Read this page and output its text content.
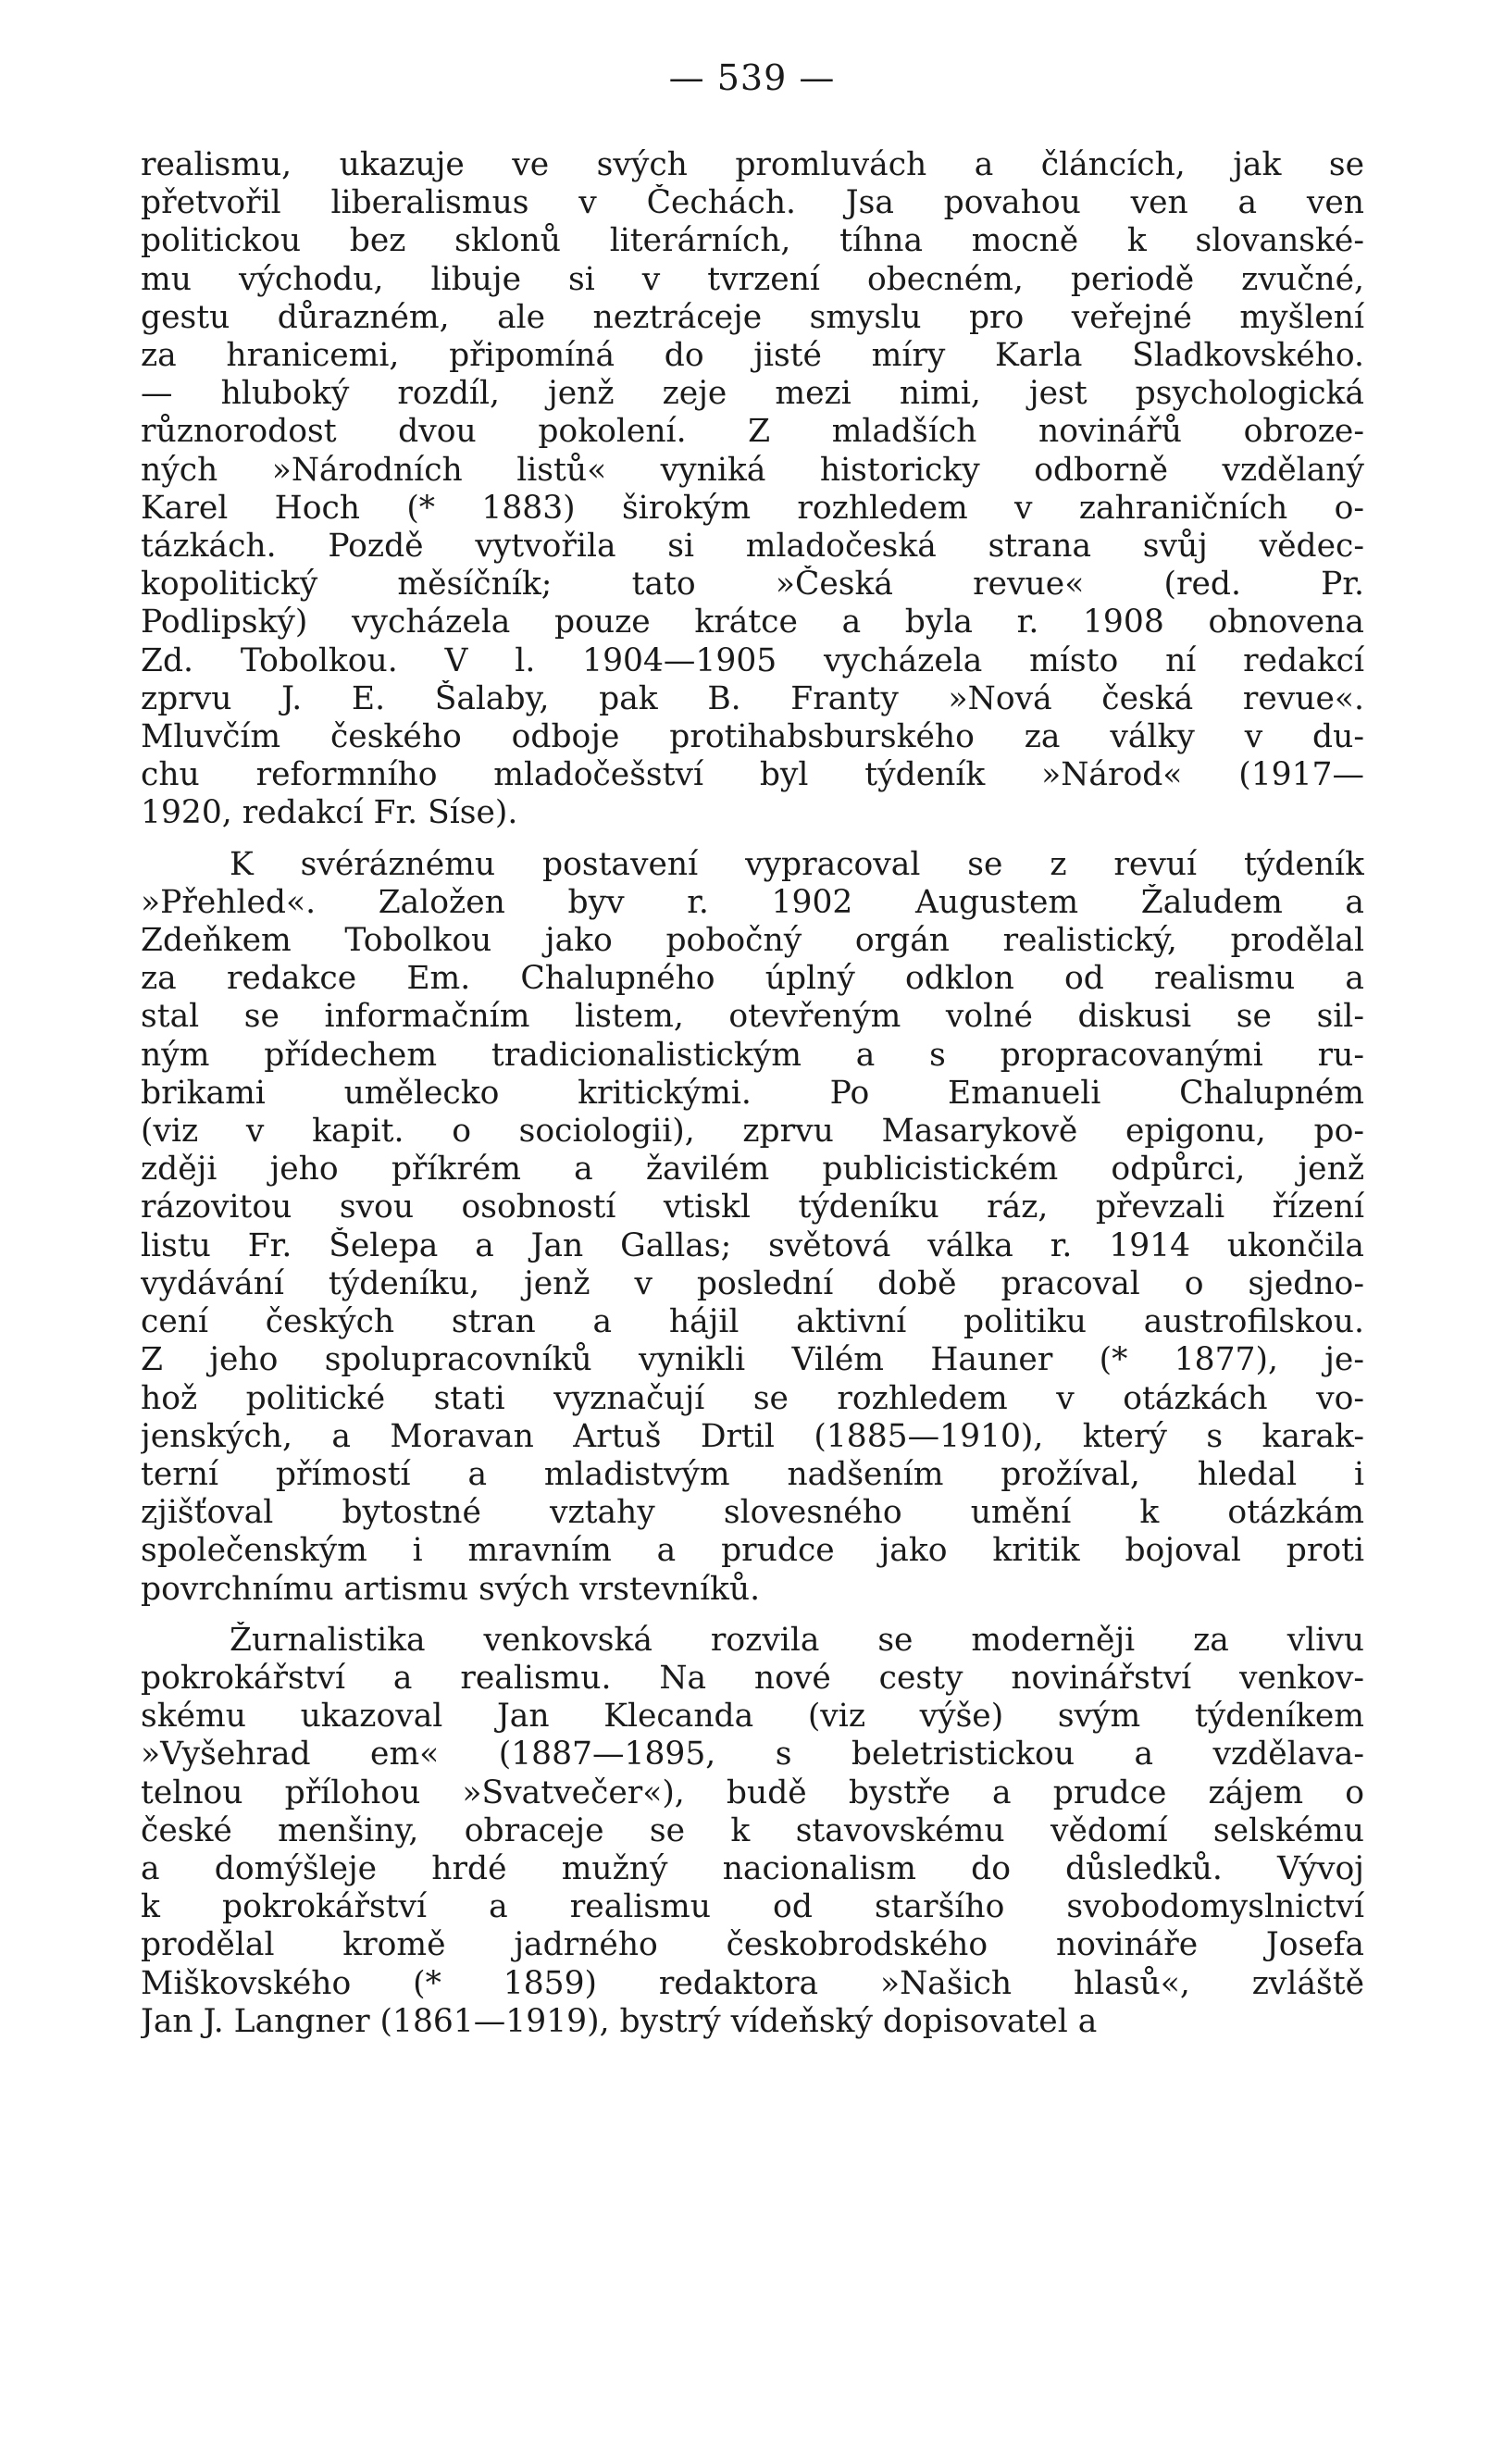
— 539 —
realismu, ukazuje ve svých promluvách a článcích, jak se
přetvořil liberalismus v Čechách. Jsa povahou ven a ven
politickou bez sklonů literárních, tíhna mocně k slovanské-
mu východu, libuje si v tvrzení obecném, periodě zvučné,
gestu důrazném, ale neztráceje smyslu pro veřejné myšlení
za hranicemi, připomíná do jisté míry Karla Sladkovského.
— hluboký rozdíl, jenž zeje mezi nimi, jest psychologická
různorodost dvou pokolení. Z mladších novinářů obroze-
ných »Národních listů« vyniká historicky odborně vzdělaný
Karel Hoch (* 1883) širokým rozhledem v zahraničních o-
tázkách. Pozdě vytvořila si mladočeská strana svůj vědec-
kopolitický měsíčník; tato »Česká revue« (red. Pr.
Podlipský) vycházela pouze krátce a byla r. 1908 obnovena
Zd. Tobolkou. V l. 1904—1905 vycházela místo ní redakcí
zprvu J. E. Šalaby, pak B. Franty »Nová česká revue«.
Mluvčím českého odboje protihabsburského za války v du-
chu reformního mladočešství byl týdeník »Národ« (1917—
1920, redakcí Fr. Sísе).
K svéráznému postavení vypracoval se z revuí týdeník
»Přehled«. Založen byv r. 1902 Augustem Žaludem a
Zdeňkem Tobolkou jako pobočný orgán realistický, prodělal
za redakce Em. Chalupného úplný odklon od realismu a
stal se informačním listem, otevřeným volné diskusi se sil-
ným přídechem tradicionalistickým a s propracovanými ru-
brikami umělecko kritickými. Po Emanueli Chalupném
(viz v kapit. o sociologii), zprvu Masarykově epigonu, po-
zději jeho příkrém a žavilém publicistickém odpůrci, jenž
rázovitou svou osobností vtiskl týdeníku ráz, převzali řízení
listu Fr. Šelepa a Jan Gallas; světová válka r. 1914 ukončila
vydávání týdeníku, jenž v poslední době pracoval o sjedno-
cení českých stran a hájil aktivní politiku austrofilskou.
Z jeho spolupracovníků vynikli Vilém Hauner (* 1877), je-
hož politické stati vyznačují se rozhledem v otázkách vo-
jenských, a Moravan Artuš Drtil (1885—1910), který s karak-
terní přímostí a mladistvým nadšením prožíval, hledal i
zjišťoval bytostné vztahy slovesného umění k otázkám
společenským i mravním a prudce jako kritik bojoval proti
povrchnímu artismu svých vrstevníků.
Žurnalistika venkovská rozvila se moderněji za vlivu
pokrokářství a realismu. Na nové cesty novinářství venkov-
skému ukazoval Jan Klecanda (viz výše) svým týdeníkem
»Vyšehrad em« (1887—1895, s beletristickou a vzdělava-
telnou přílohou »Svatvečer«), budě bystře a prudce zájem o
české menšiny, obraceje se k stavovskému vědomí selskému
a domýšleje hrdé mužný nacionalism do důsledků. Vývoj
k pokrokářství a realismu od staršího svobodomyslnictví
prodělal kromě jadrného českobrodského novináře Josefa
Miškovského (* 1859) redaktora »Našich hlasů«, zvláště
Jan J. Langner (1861—1919), bystrý vídeňský dopisovatel a
